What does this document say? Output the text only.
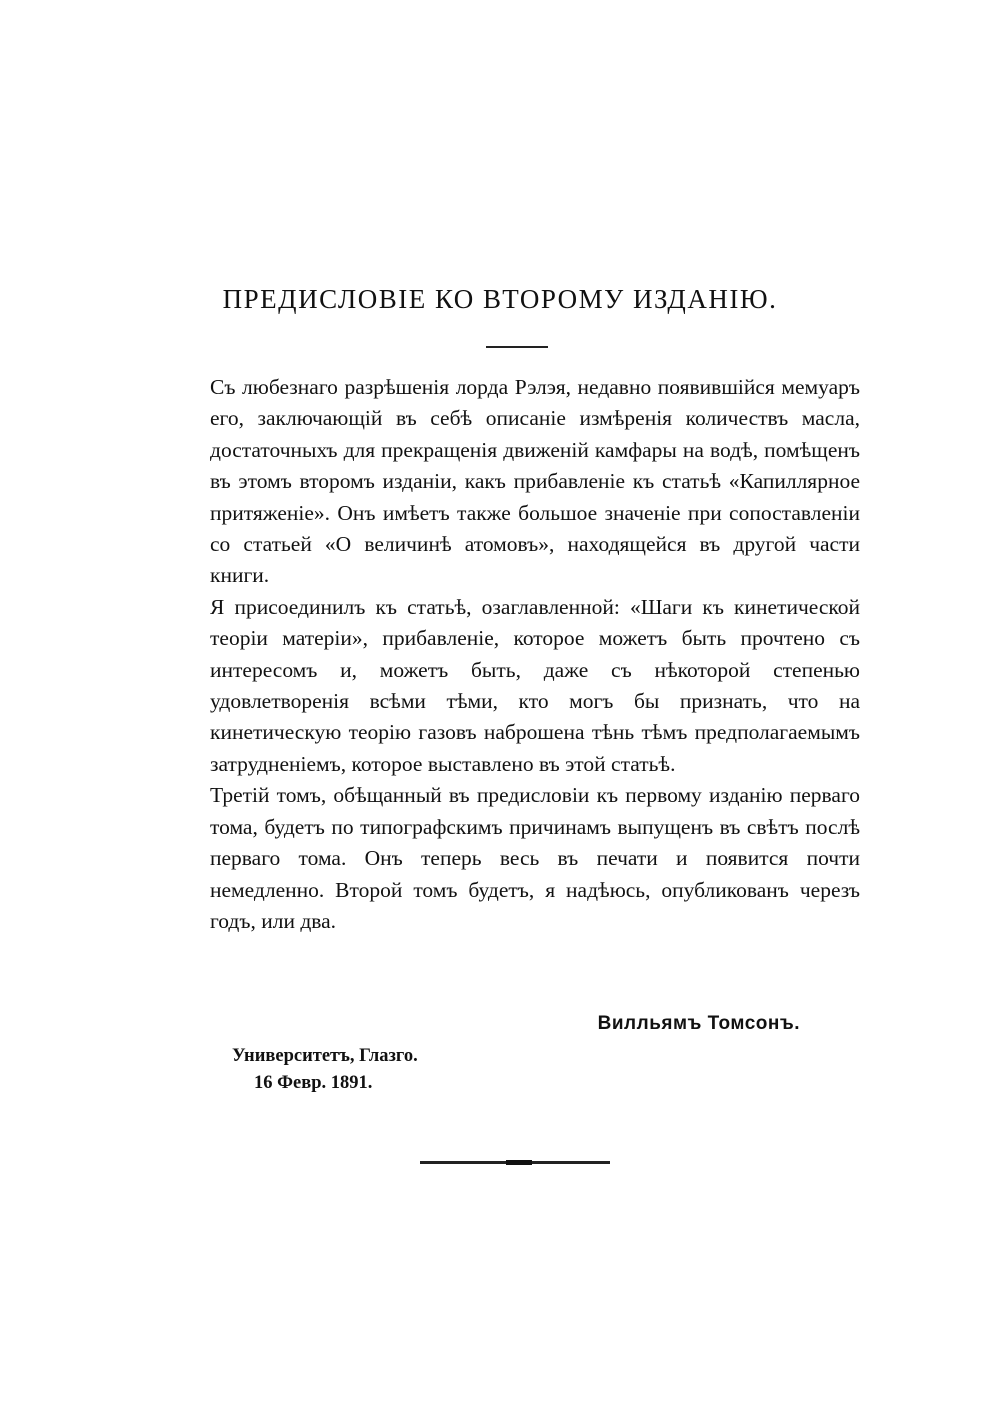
ПРЕДИСЛОВІЕ КО ВТОРОМУ ИЗДАНІЮ.

Съ любезнаго разрѣшенія лорда Рэлэя, недавно появившійся мемуаръ его, заключающій въ себѣ описаніе измѣренія количествъ масла, достаточныхъ для прекращенія движеній камфары на водѣ, помѣщенъ въ этомъ второмъ изданіи, какъ прибавленіе къ статьѣ «Капиллярное притяженіе». Онъ имѣетъ также большое значеніе при сопоставленіи со статьей «О величинѣ атомовъ», находящейся въ другой части книги.

Я присоединилъ къ статьѣ, озаглавленной: «Шаги къ кинетической теоріи матеріи», прибавленіе, которое можетъ быть прочтено съ интересомъ и, можетъ быть, даже съ нѣкоторой степенью удовлетворенія всѣми тѣми, кто могъ бы признать, что на кинетическую теорію газовъ наброшена тѣнь тѣмъ предполагаемымъ затрудненіемъ, которое выставлено въ этой статьѣ.

Третій томъ, обѣщанный въ предисловіи къ первому изданію перваго тома, будетъ по типографскимъ причинамъ выпущенъ въ свѣтъ послѣ перваго тома. Онъ теперь весь въ печати и появится почти немедленно. Второй томъ будетъ, я надѣюсь, опубликованъ черезъ годъ, или два.

Вилльямъ Томсонъ.
Университетъ, Глазго.
16 Февр. 1891.
